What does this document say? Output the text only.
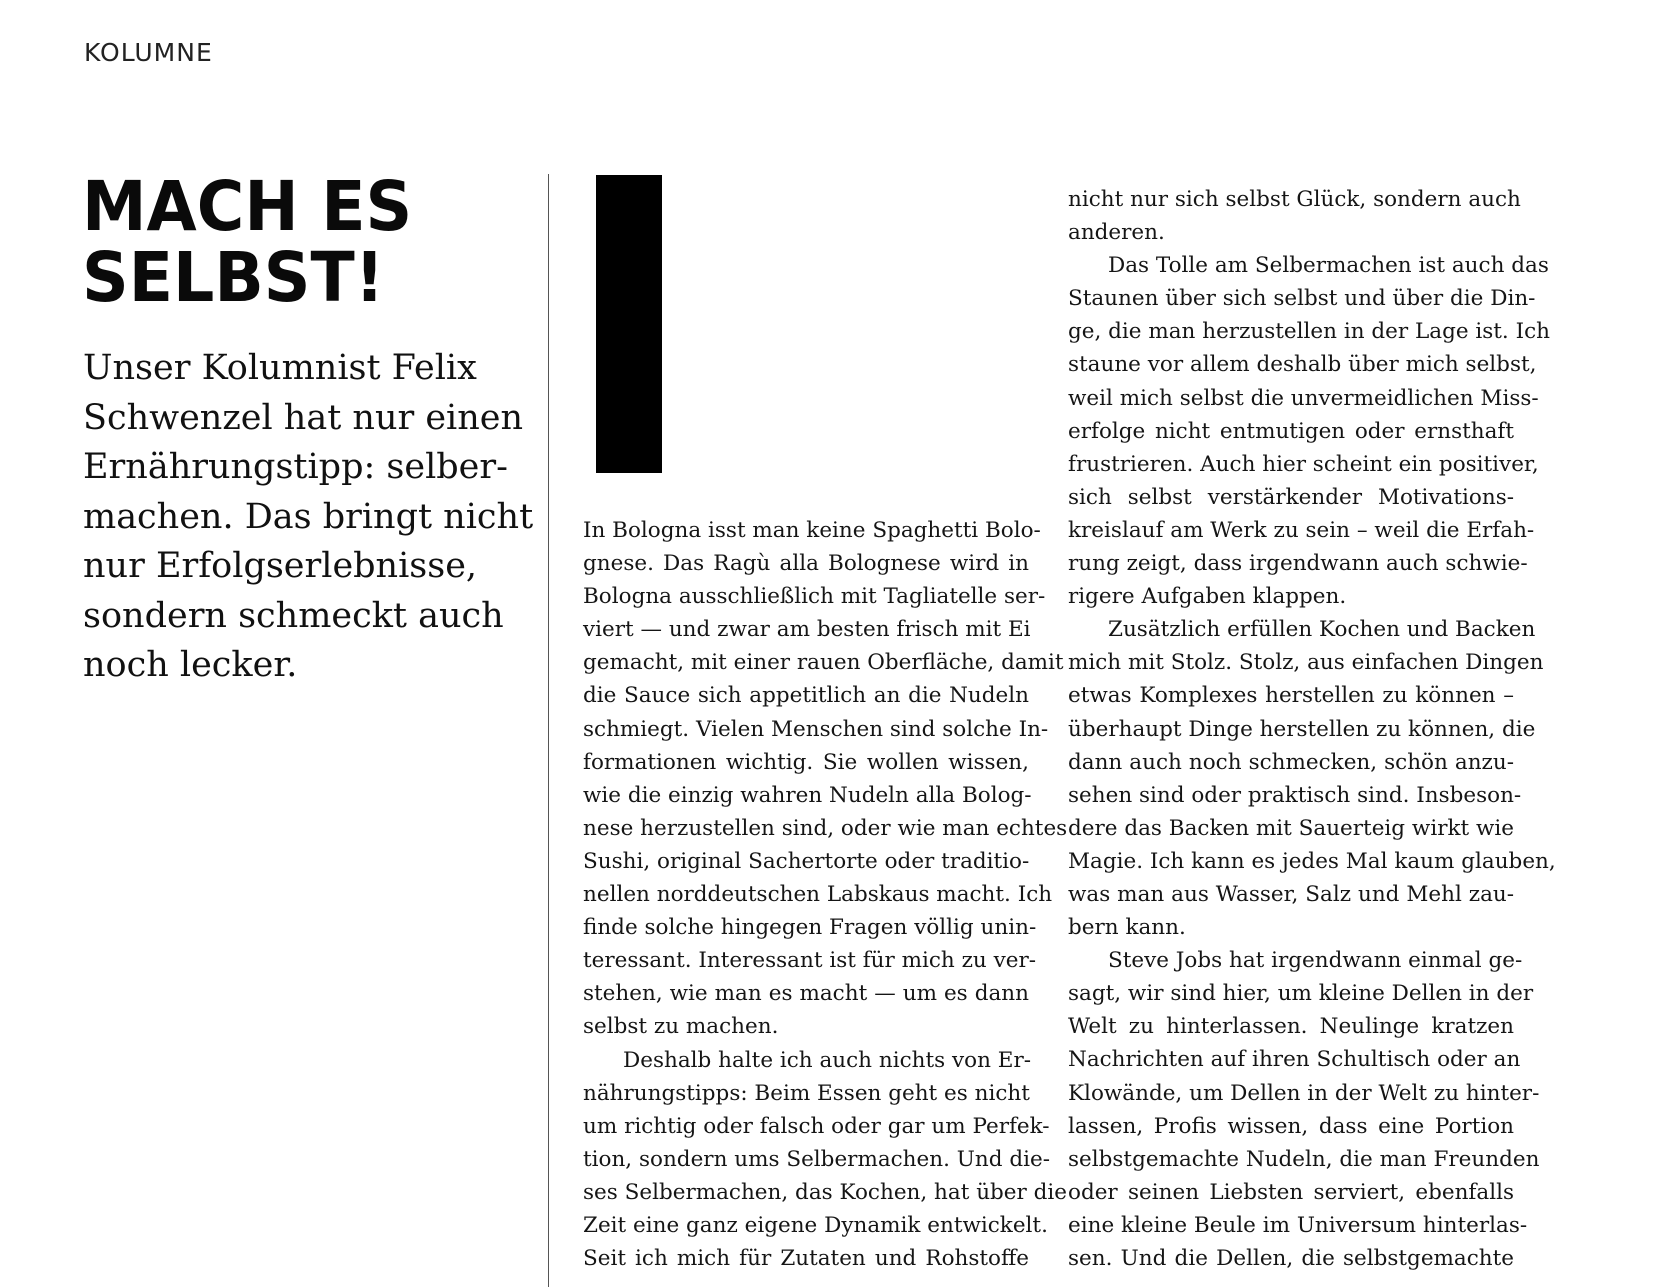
KOLUMNE
MACH ES
SELBST!

Unser Kolumnist Felix
Schwenzel hat nur einen
Ernährungstipp: selber-
machen. Das bringt nicht
nur Erfolgserlebnisse,
sondern schmeckt auch
noch lecker.

In Bologna isst man keine Spaghetti Bolo-
gnese. Das Ragù alla Bolognese wird in
Bologna ausschließlich mit Tagliatelle ser-
viert — und zwar am besten frisch mit Ei
gemacht, mit einer rauen Oberfläche, damit
die Sauce sich appetitlich an die Nudeln
schmiegt. Vielen Menschen sind solche In-
formationen wichtig. Sie wollen wissen,
wie die einzig wahren Nudeln alla Bolog-
nese herzustellen sind, oder wie man echtes
Sushi, original Sachertorte oder traditio-
nellen norddeutschen Labskaus macht. Ich
finde solche hingegen Fragen völlig unin-
teressant. Interessant ist für mich zu ver-
stehen, wie man es macht — um es dann
selbst zu machen.
Deshalb halte ich auch nichts von Er-
nährungstipps: Beim Essen geht es nicht
um richtig oder falsch oder gar um Perfek-
tion, sondern ums Selbermachen. Und die-
ses Selbermachen, das Kochen, hat über die
Zeit eine ganz eigene Dynamik entwickelt.
Seit ich mich für Zutaten und Rohstoffe
nicht nur sich selbst Glück, sondern auch
anderen.
Das Tolle am Selbermachen ist auch das
Staunen über sich selbst und über die Din-
ge, die man herzustellen in der Lage ist. Ich
staune vor allem deshalb über mich selbst,
weil mich selbst die unvermeidlichen Miss-
erfolge nicht entmutigen oder ernsthaft
frustrieren. Auch hier scheint ein positiver,
sich selbst verstärkender Motivations-
kreislauf am Werk zu sein – weil die Erfah-
rung zeigt, dass irgendwann auch schwie-
rigere Aufgaben klappen.
Zusätzlich erfüllen Kochen und Backen
mich mit Stolz. Stolz, aus einfachen Dingen
etwas Komplexes herstellen zu können –
überhaupt Dinge herstellen zu können, die
dann auch noch schmecken, schön anzu-
sehen sind oder praktisch sind. Insbeson-
dere das Backen mit Sauerteig wirkt wie
Magie. Ich kann es jedes Mal kaum glauben,
was man aus Wasser, Salz und Mehl zau-
bern kann.
Steve Jobs hat irgendwann einmal ge-
sagt, wir sind hier, um kleine Dellen in der
Welt zu hinterlassen. Neulinge kratzen
Nachrichten auf ihren Schultisch oder an
Klowände, um Dellen in der Welt zu hinter-
lassen, Profis wissen, dass eine Portion
selbstgemachte Nudeln, die man Freunden
oder seinen Liebsten serviert, ebenfalls
eine kleine Beule im Universum hinterlas-
sen. Und die Dellen, die selbstgemachte
